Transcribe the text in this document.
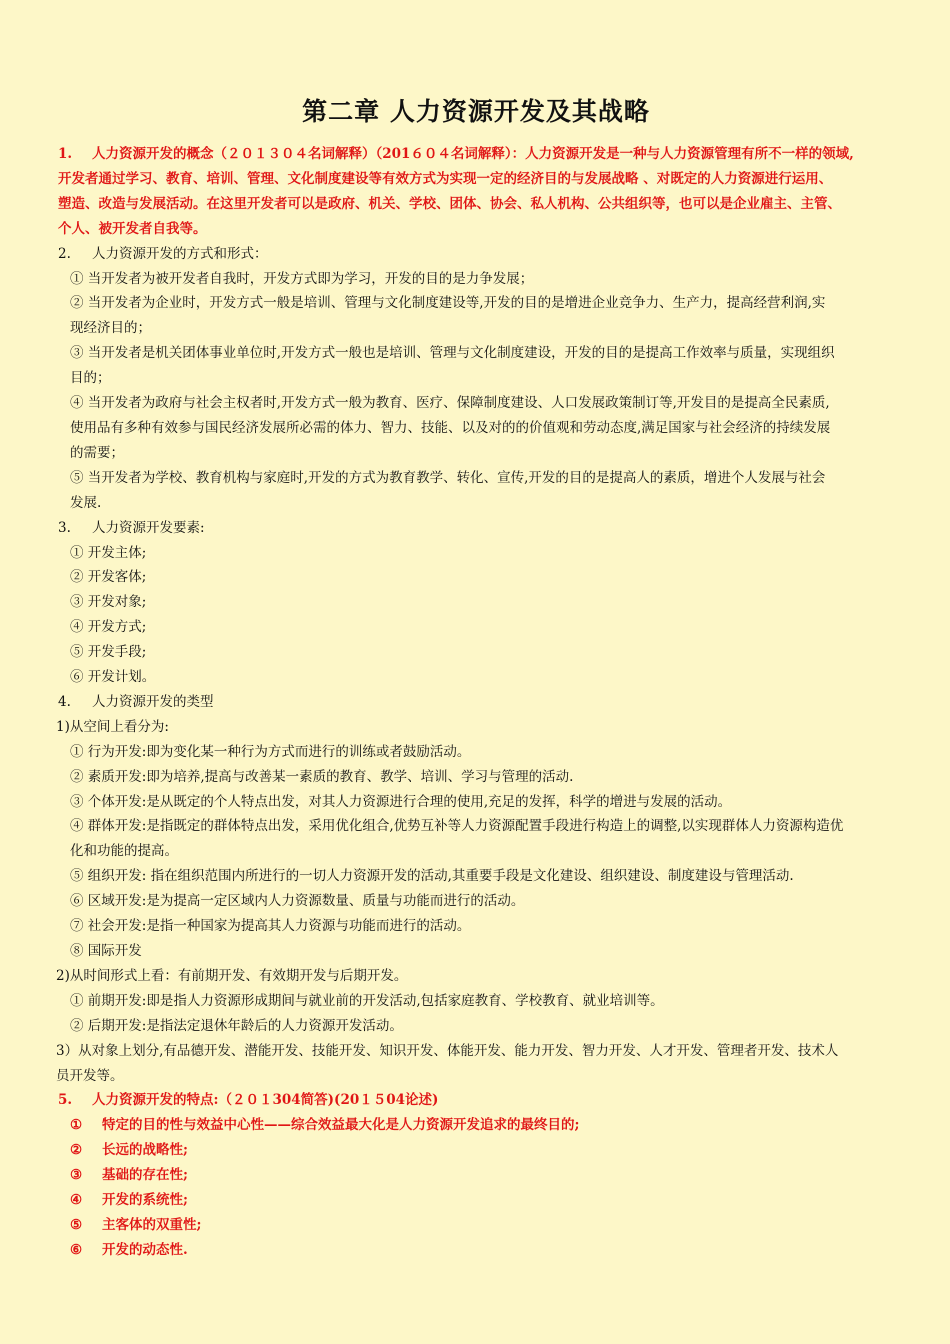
第二章 人力资源开发及其战略
1. 人力资源开发的概念（２０１３０４名词解释）（201６０４名词解释）：人力资源开发是一种与人力资源管理有所不一样的领域,
开发者通过学习、教育、培训、管理、文化制度建设等有效方式为实现一定的经济目的与发展战略 、对既定的人力资源进行运用、
塑造、改造与发展活动。在这里开发者可以是政府、机关、学校、团体、协会、私人机构、公共组织等，也可以是企业雇主、主管、
个人、被开发者自我等。
2. 人力资源开发的方式和形式：
① 当开发者为被开发者自我时，开发方式即为学习，开发的目的是力争发展；
② 当开发者为企业时，开发方式一般是培训、管理与文化制度建设等,开发的目的是增进企业竞争力、生产力，提高经营利润,实
现经济目的；
③ 当开发者是机关团体事业单位时,开发方式一般也是培训、管理与文化制度建设，开发的目的是提高工作效率与质量，实现组织
目的；
④ 当开发者为政府与社会主权者时,开发方式一般为教育、医疗、保障制度建设、人口发展政策制订等,开发目的是提高全民素质,
使用品有多种有效参与国民经济发展所必需的体力、智力、技能、以及对的的价值观和劳动态度,满足国家与社会经济的持续发展
的需要；
⑤ 当开发者为学校、教育机构与家庭时,开发的方式为教育教学、转化、宣传,开发的目的是提高人的素质，增进个人发展与社会
发展.
3. 人力资源开发要素:
① 开发主体;
② 开发客体;
③ 开发对象;
④ 开发方式;
⑤ 开发手段;
⑥ 开发计划。
4. 人力资源开发的类型
1)从空间上看分为:
① 行为开发:即为变化某一种行为方式而进行的训练或者鼓励活动。
② 素质开发:即为培养,提高与改善某一素质的教育、教学、培训、学习与管理的活动.
③ 个体开发:是从既定的个人特点出发，对其人力资源进行合理的使用,充足的发挥，科学的增进与发展的活动。
④ 群体开发:是指既定的群体特点出发，采用优化组合,优势互补等人力资源配置手段进行构造上的调整,以实现群体人力资源构造优
化和功能的提高。
⑤ 组织开发: 指在组织范围内所进行的一切人力资源开发的活动,其重要手段是文化建设、组织建设、制度建设与管理活动.
⑥ 区域开发:是为提高一定区域内人力资源数量、质量与功能而进行的活动。
⑦ 社会开发:是指一种国家为提高其人力资源与功能而进行的活动。
⑧ 国际开发
2)从时间形式上看：有前期开发、有效期开发与后期开发。
① 前期开发:即是指人力资源形成期间与就业前的开发活动,包括家庭教育、学校教育、就业培训等。
② 后期开发:是指法定退休年龄后的人力资源开发活动。
3）从对象上划分,有品德开发、潜能开发、技能开发、知识开发、体能开发、能力开发、智力开发、人才开发、管理者开发、技术人
员开发等。
5. 人力资源开发的特点:（２０１304简答)(20１５04论述)
① 特定的目的性与效益中心性——综合效益最大化是人力资源开发追求的最终目的;
② 长远的战略性;
③ 基础的存在性;
④ 开发的系统性;
⑤ 主客体的双重性;
⑥ 开发的动态性.
